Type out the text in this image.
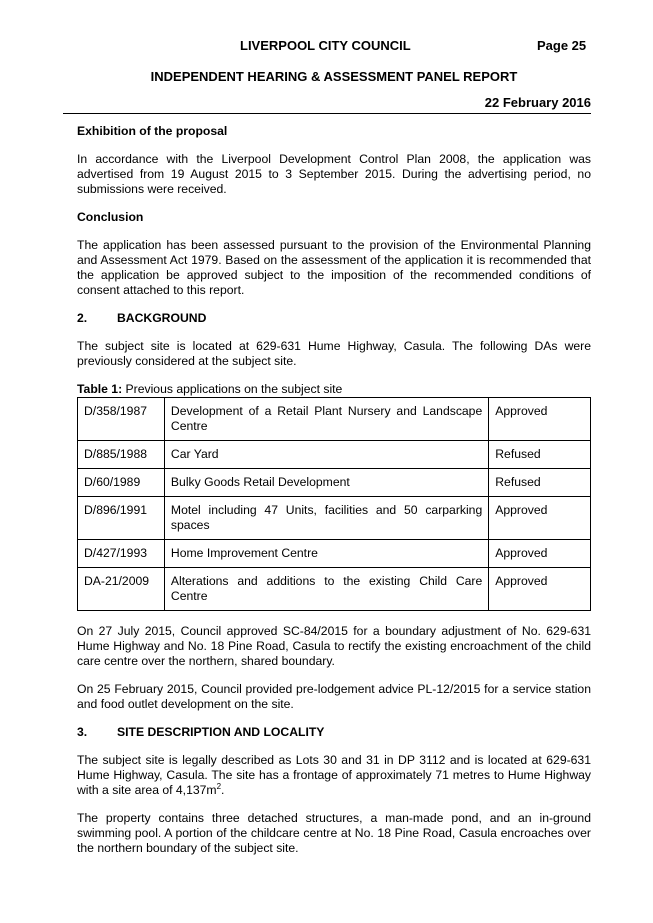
LIVERPOOL CITY COUNCIL	Page 25
INDEPENDENT HEARING & ASSESSMENT PANEL REPORT
22 February 2016

Exhibition of the proposal

In accordance with the Liverpool Development Control Plan 2008, the application was advertised from 19 August 2015 to 3 September 2015. During the advertising period, no submissions were received.

Conclusion

The application has been assessed pursuant to the provision of the Environmental Planning and Assessment Act 1979. Based on the assessment of the application it is recommended that the application be approved subject to the imposition of the recommended conditions of consent attached to this report.

2. BACKGROUND

The subject site is located at 629-631 Hume Highway, Casula. The following DAs were previously considered at the subject site.

Table 1: Previous applications on the subject site

D/358/1987	Development of a Retail Plant Nursery and Landscape Centre	Approved
D/885/1988	Car Yard	Refused
D/60/1989	Bulky Goods Retail Development	Refused
D/896/1991	Motel including 47 Units, facilities and 50 carparking spaces	Approved
D/427/1993	Home Improvement Centre	Approved
DA-21/2009	Alterations and additions to the existing Child Care Centre	Approved

On 27 July 2015, Council approved SC-84/2015 for a boundary adjustment of No. 629-631 Hume Highway and No. 18 Pine Road, Casula to rectify the existing encroachment of the child care centre over the northern, shared boundary.

On 25 February 2015, Council provided pre-lodgement advice PL-12/2015 for a service station and food outlet development on the site.

3. SITE DESCRIPTION AND LOCALITY

The subject site is legally described as Lots 30 and 31 in DP 3112 and is located at 629-631 Hume Highway, Casula. The site has a frontage of approximately 71 metres to Hume Highway with a site area of $4,137m^2$.

The property contains three detached structures, a man-made pond, and an in-ground swimming pool. A portion of the childcare centre at No. 18 Pine Road, Casula encroaches over the northern boundary of the subject site.
